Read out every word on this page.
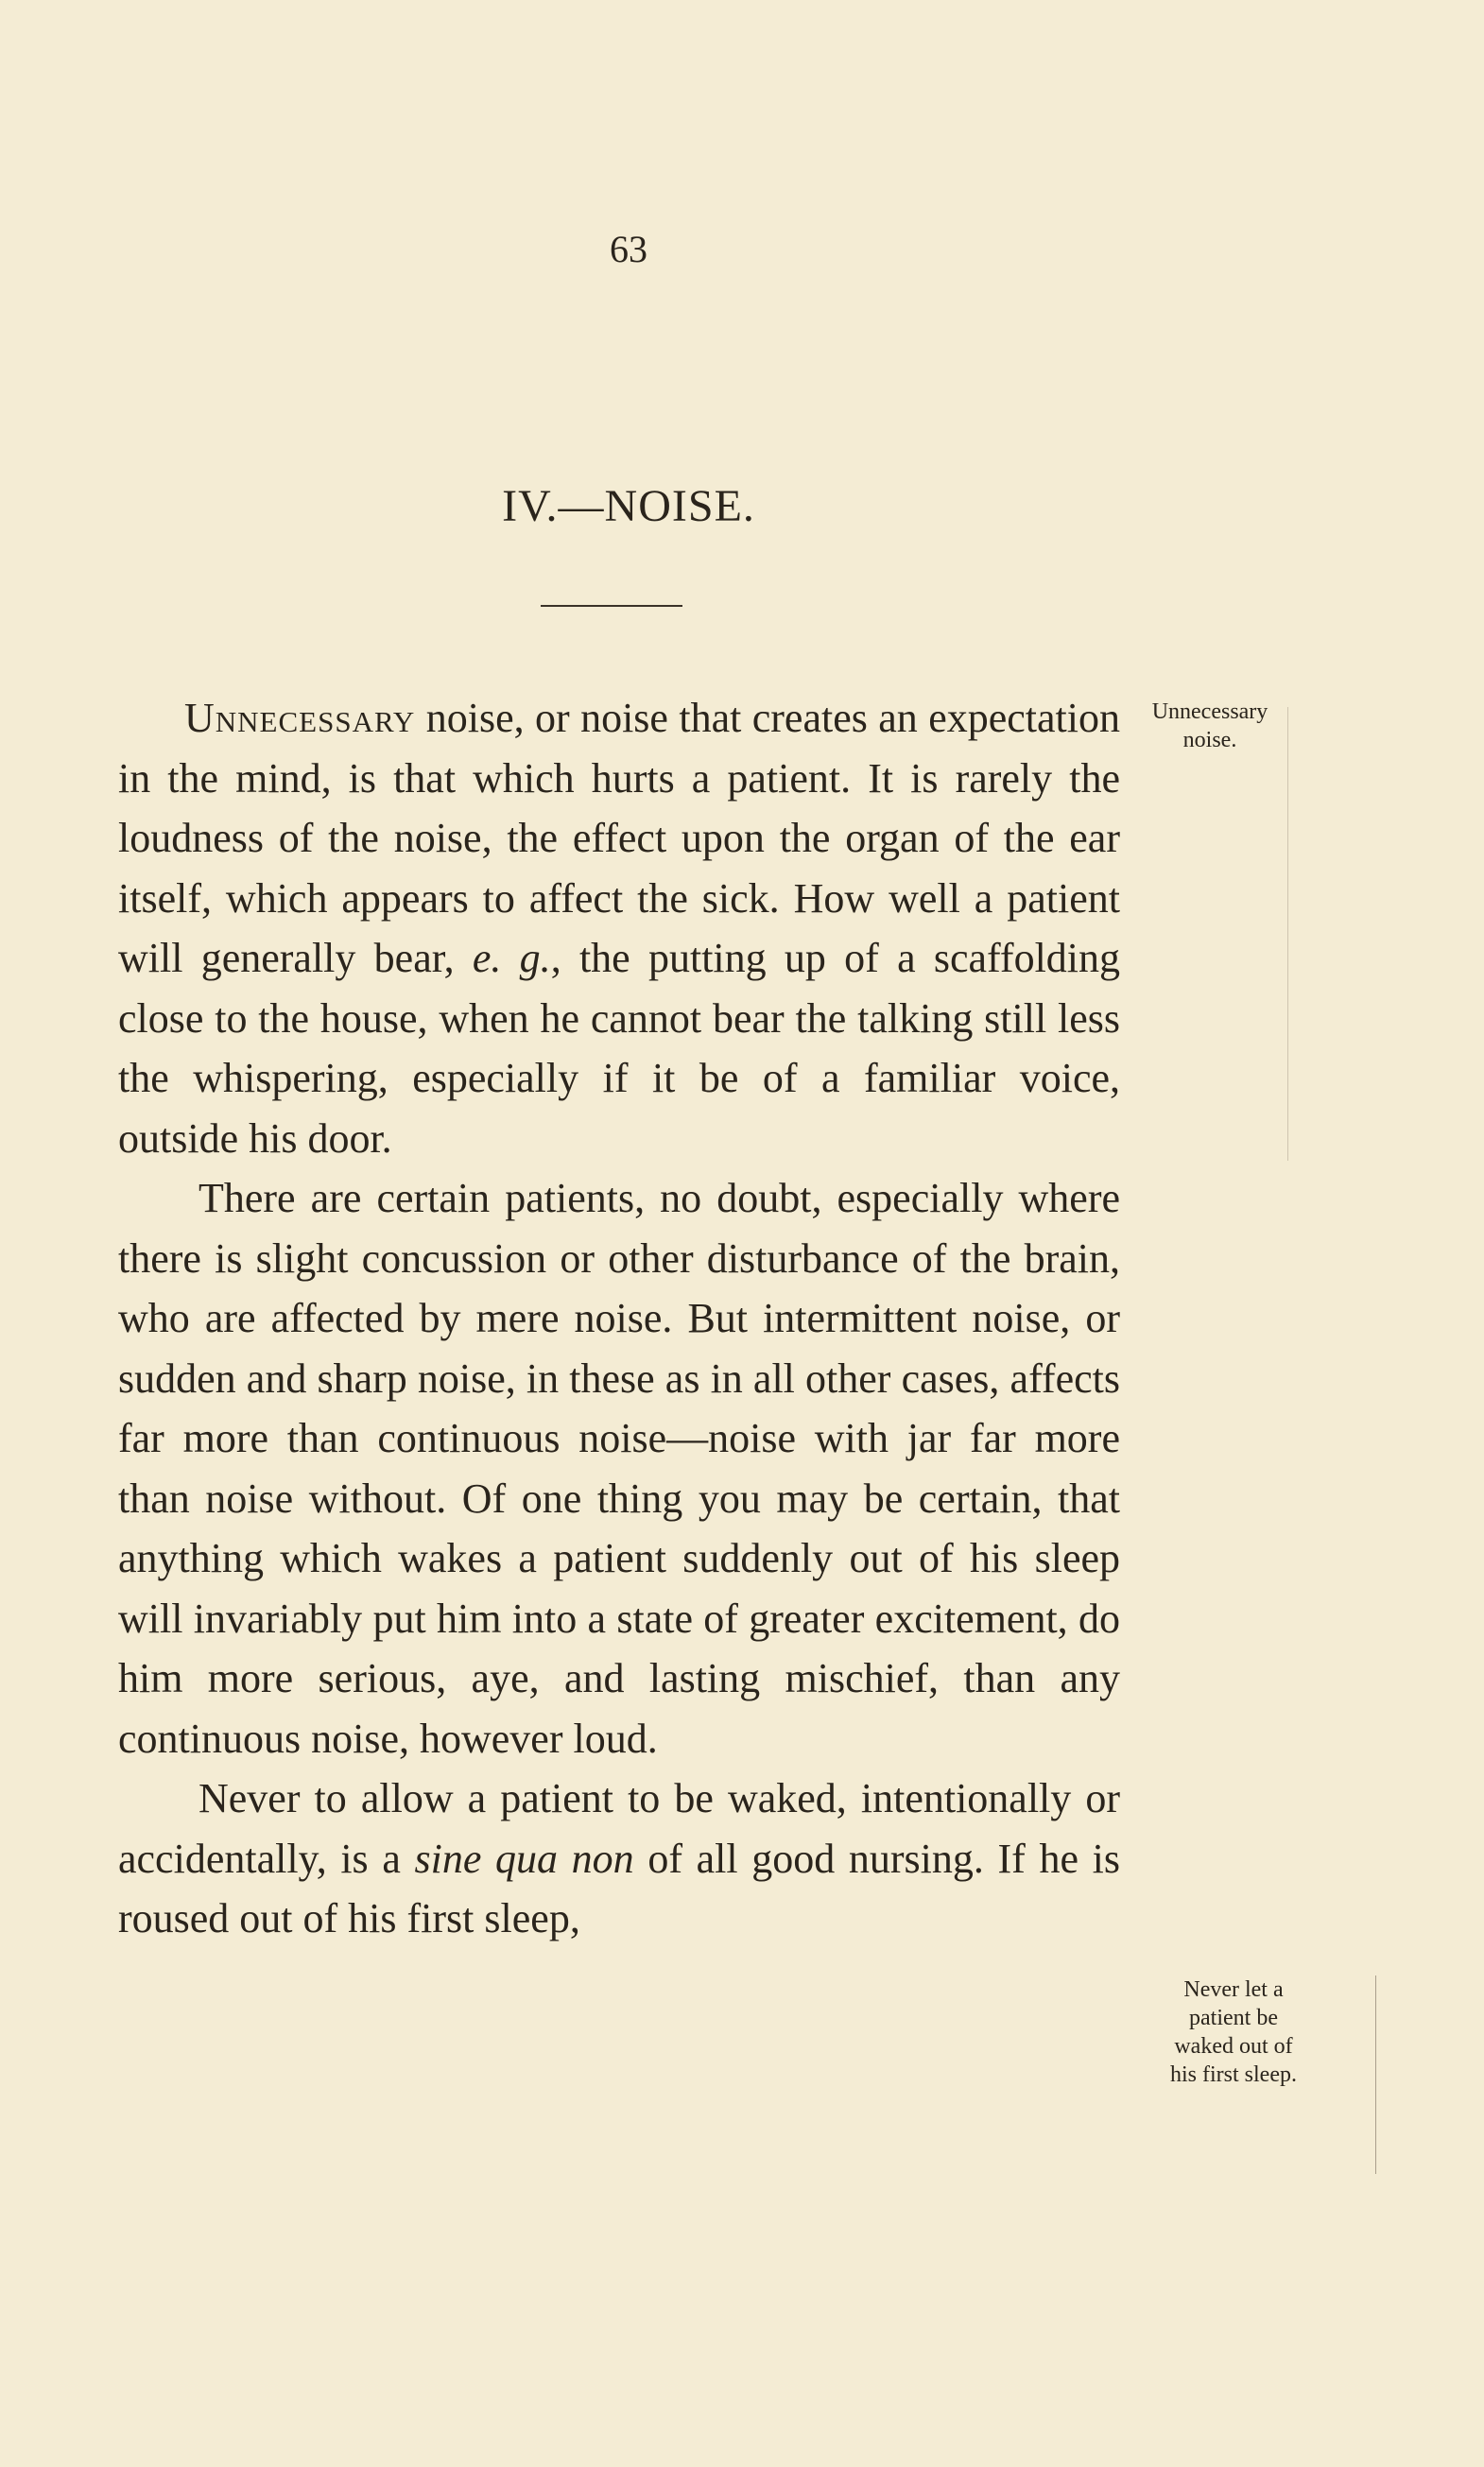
63
IV.—NOISE.

Unnecessary noise, or noise that creates an expectation in the mind, is that which hurts a patient. It is rarely the loudness of the noise, the effect upon the organ of the ear itself, which appears to affect the sick. How well a patient will generally bear, e. g., the putting up of a scaffolding close to the house, when he cannot bear the talking still less the whispering, especially if it be of a familiar voice, outside his door.

There are certain patients, no doubt, especially where there is slight concussion or other disturbance of the brain, who are affected by mere noise. But intermittent noise, or sudden and sharp noise, in these as in all other cases, affects far more than continuous noise—noise with jar far more than noise without. Of one thing you may be certain, that anything which wakes a patient suddenly out of his sleep will invariably put him into a state of greater excitement, do him more serious, aye, and lasting mischief, than any continuous noise, however loud.

Never to allow a patient to be waked, intentionally or accidentally, is a sine qua non of all good nursing. If he is roused out of his first sleep,

Unnecessary
noise.
Never let a
patient be
waked out of
his first sleep.
